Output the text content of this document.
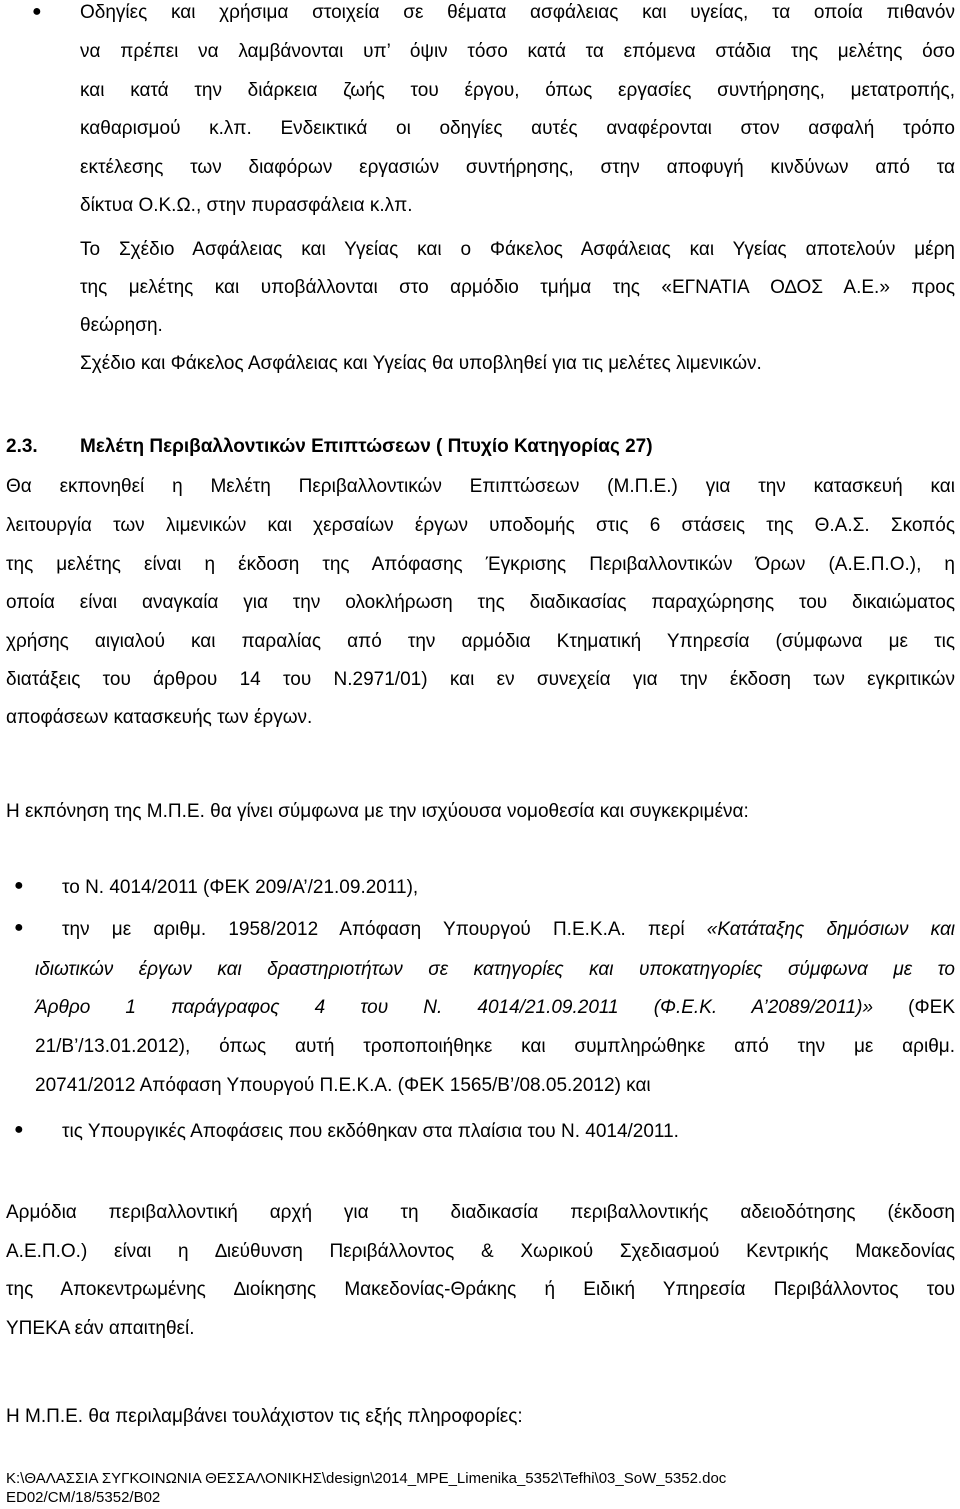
● Οδηγίες και χρήσιμα στοιχεία σε θέματα ασφάλειας και υγείας, τα οποία πιθανόν
να πρέπει να λαμβάνονται υπ’ όψιν τόσο κατά τα επόμενα στάδια της μελέτης όσο
και κατά την διάρκεια ζωής του έργου, όπως εργασίες συντήρησης, μετατροπής,
καθαρισμού κ.λπ. Ενδεικτικά οι οδηγίες αυτές αναφέρονται στον ασφαλή τρόπο
εκτέλεσης των διαφόρων εργασιών συντήρησης, στην αποφυγή κινδύνων από τα
δίκτυα Ο.Κ.Ω., στην πυρασφάλεια κ.λπ.
Το Σχέδιο Ασφάλειας και Υγείας και ο Φάκελος Ασφάλειας και Υγείας αποτελούν μέρη
της μελέτης και υποβάλλονται στο αρμόδιο τμήμα της «ΕΓΝΑΤΙΑ Ο∆ΟΣ Α.Ε.» προς
θεώρηση.
Σχέδιο και Φάκελος Ασφάλειας και Υγείας θα υποβληθεί για τις μελέτες λιμενικών.
2.3. Μελέτη Περιβαλλοντικών Επιπτώσεων ( Πτυχίο Κατηγορίας 27)
Θα εκπονηθεί η Μελέτη Περιβαλλοντικών Επιπτώσεων (Μ.Π.Ε.) για την κατασκευή και
λειτουργία των λιμενικών και χερσαίων έργων υποδομής στις 6 στάσεις της Θ.Α.Σ. Σκοπός
της μελέτης είναι η έκδοση της Απόφασης Έγκρισης Περιβαλλοντικών Όρων (Α.Ε.Π.Ο.), η
οποία είναι αναγκαία για την ολοκλήρωση της διαδικασίας παραχώρησης του δικαιώματος
χρήσης αιγιαλού και παραλίας από την αρμόδια Κτηματική Υπηρεσία (σύμφωνα με τις
διατάξεις του άρθρου 14 του Ν.2971/01) και εν συνεχεία για την έκδοση των εγκριτικών
αποφάσεων κατασκευής των έργων.
Η εκπόνηση της Μ.Π.Ε. θα γίνει σύμφωνα με την ισχύουσα νομοθεσία και συγκεκριμένα:
● το Ν. 4014/2011 (ΦΕΚ 209/Α’/21.09.2011),
●	την με αριθμ. 1958/2012 Απόφαση Υπουργού Π.Ε.Κ.Α. περί «Κατάταξης δημόσιων και
ιδιωτικών έργων και δραστηριοτήτων σε κατηγορίες και υποκατηγορίες σύμφωνα με το
Άρθρο 1 παράγραφος 4 του Ν. 4014/21.09.2011 (Φ.Ε.Κ. Α’2089/2011)» (ΦΕΚ
21/Β’/13.01.2012), όπως αυτή τροποποιήθηκε και συμπληρώθηκε από την με αριθμ.
20741/2012 Απόφαση Υπουργού Π.Ε.Κ.Α. (ΦΕΚ 1565/Β’/08.05.2012) και
● τις Υπουργικές Αποφάσεις που εκδόθηκαν στα πλαίσια του Ν. 4014/2011.
Αρμόδια περιβαλλοντική αρχή για τη διαδικασία περιβαλλοντικής αδειοδότησης (έκδοση
Α.Ε.Π.Ο.) είναι η ∆ιεύθυνση Περιβάλλοντος & Χωρικού Σχεδιασμού Κεντρικής Μακεδονίας
της Αποκεντρωμένης ∆ιοίκησης Μακεδονίας-Θράκης ή Ειδική Υπηρεσία Περιβάλλοντος του
ΥΠΕΚΑ εάν απαιτηθεί.
Η Μ.Π.Ε. θα περιλαμβάνει τουλάχιστον τις εξής πληροφορίες:
K:\ΘΑΛΑΣΣΙΑ ΣΥΓΚΟΙΝΩΝΙΑ ΘΕΣΣΑΛΟΝΙΚΗΣ\design\2014_MPE_Limenika_5352\Tefhi\03_SoW_5352.doc
ED02/CM/18/5352/B02
